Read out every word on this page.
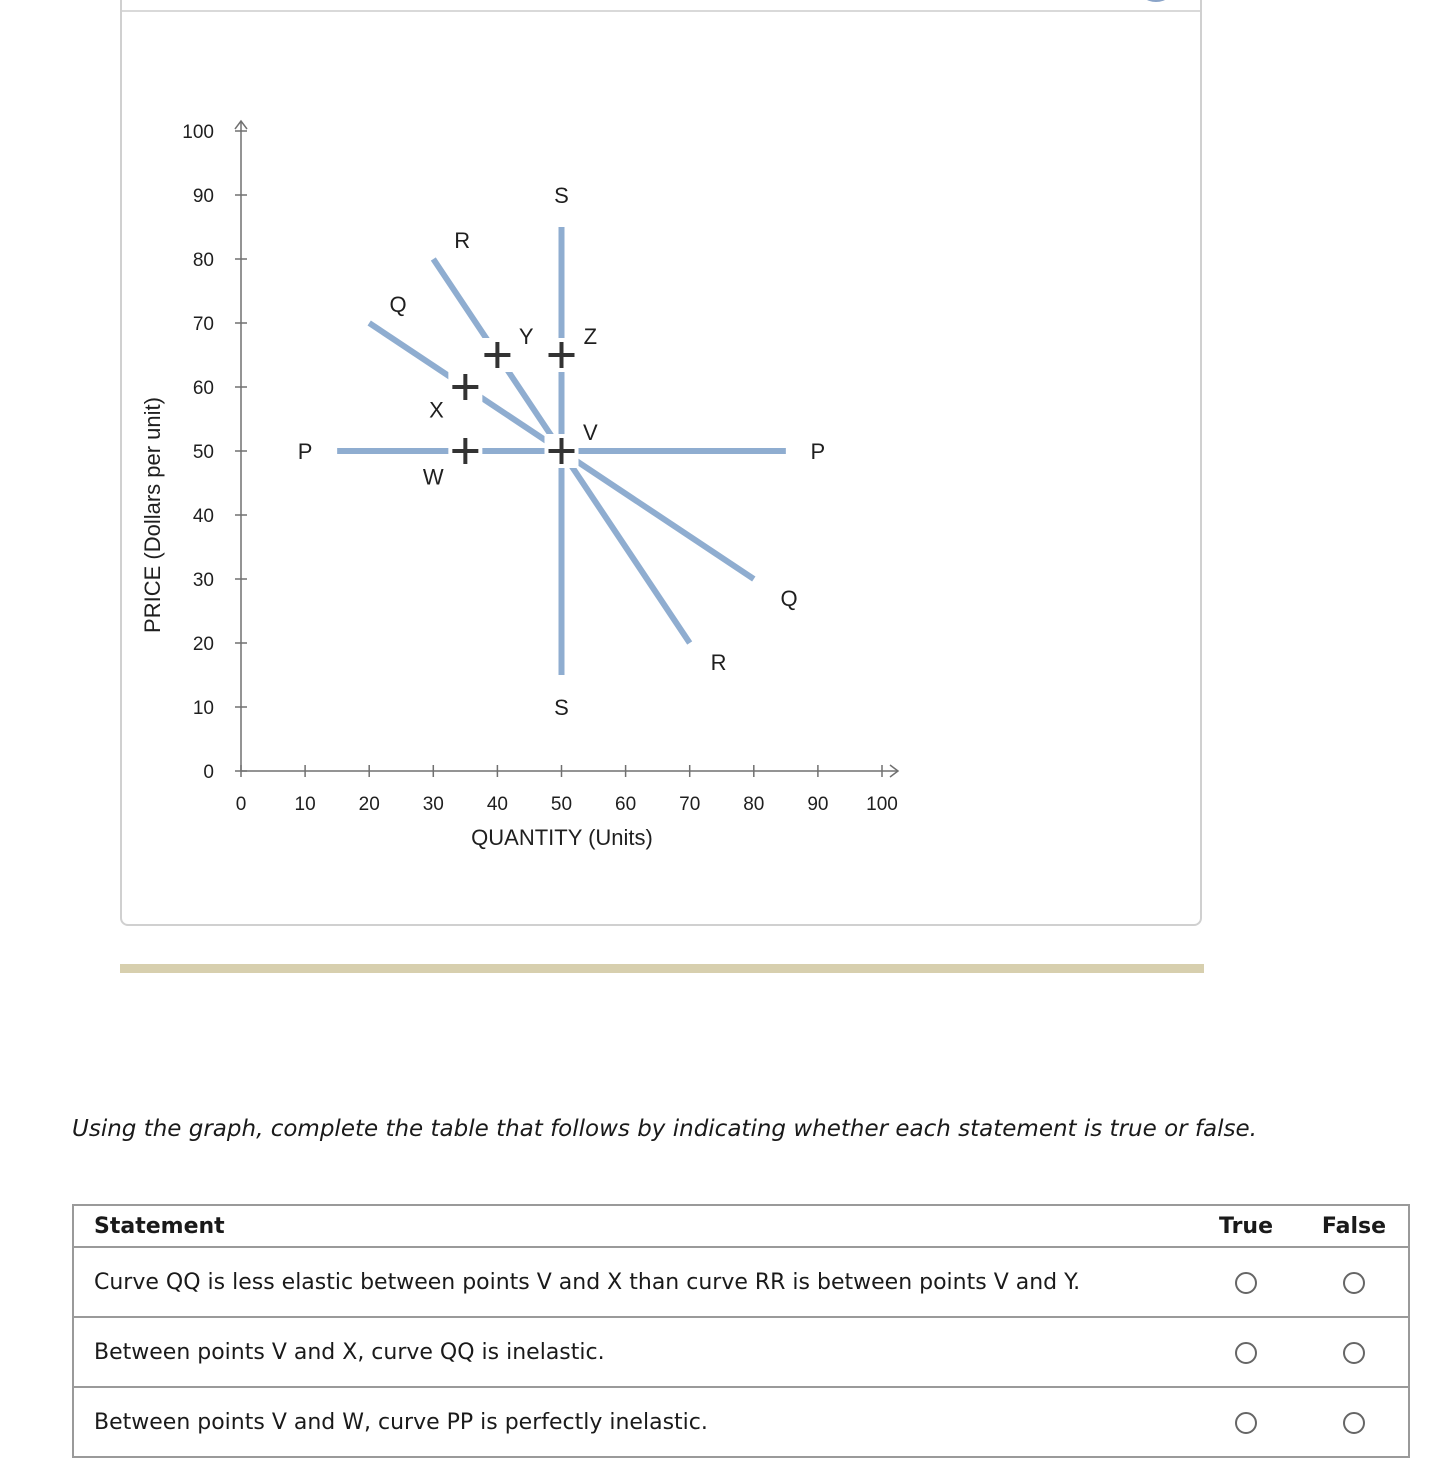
0
10
20
30
40
50
60
70
80
90
100
0	10 20 30 40 50 60 70 80 90 100
QUANTITY (Units)
PRICE (Dollars per unit)	P	P
Q
Q
R
R
S
S
V
W
X
Y Z
Using the graph, complete the table that follows by indicating whether each statement is true or false.
Statement	True	False
Curve QQ is less elastic between points V and X than curve RR is between points V and Y.		
Between points V and X, curve QQ is inelastic.		
Between points V and W, curve PP is perfectly inelastic.		
